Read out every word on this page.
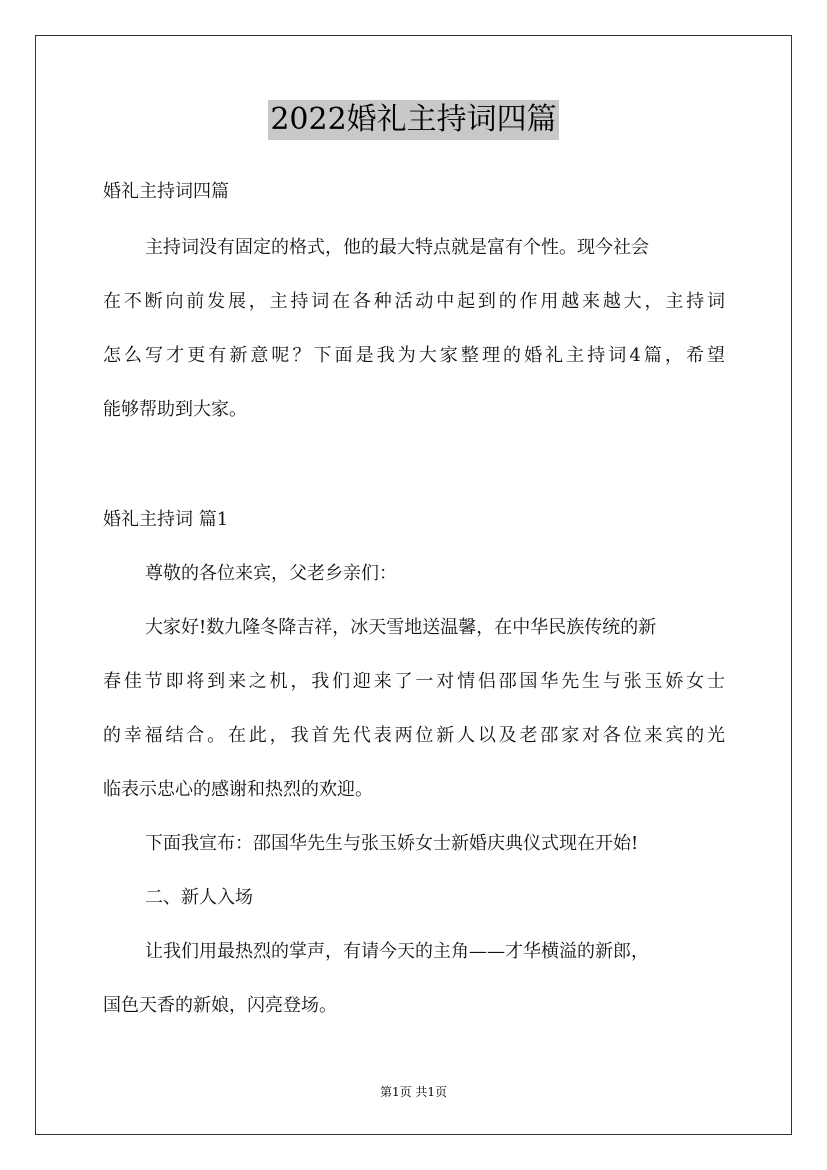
2022婚礼主持词四篇
婚礼主持词四篇
主持词没有固定的格式，他的最大特点就是富有个性。现今社会
在不断向前发展，主持词在各种活动中起到的作用越来越大，主持词
怎么写才更有新意呢？下面是我为大家整理的婚礼主持词4篇，希望
能够帮助到大家。
婚礼主持词 篇1
尊敬的各位来宾，父老乡亲们：
大家好!数九隆冬降吉祥，冰天雪地送温馨，在中华民族传统的新
春佳节即将到来之机，我们迎来了一对情侣邵国华先生与张玉娇女士
的幸福结合。在此，我首先代表两位新人以及老邵家对各位来宾的光
临表示忠心的感谢和热烈的欢迎。
下面我宣布：邵国华先生与张玉娇女士新婚庆典仪式现在开始!
二、新人入场
让我们用最热烈的掌声，有请今天的主角——才华横溢的新郎，
国色天香的新娘，闪亮登场。
第1页 共1页
